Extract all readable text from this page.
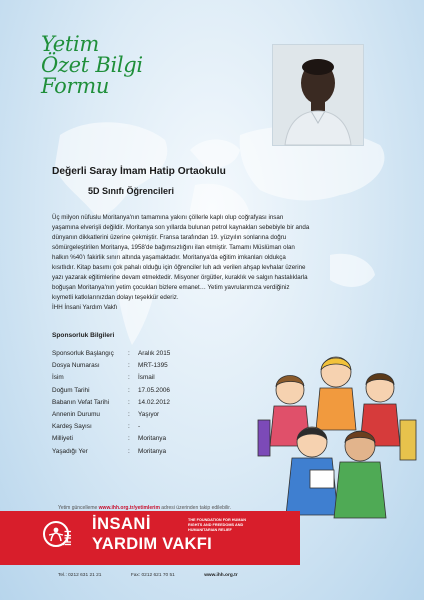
Yetim
Özet Bilgi
Formu
Değerli Saray İmam Hatip Ortaokulu
5D Sınıfı Öğrencileri
Üç milyon nüfuslu Moritanya'nın tamamına yakını çöllerle kaplı olup coğrafyası insan
yaşamına elverişli değildir. Moritanya son yıllarda bulunan petrol kaynakları sebebiyle bir anda
dünyanın dikkatlerini üzerine çekmiştir. Fransa tarafından 19. yüzyılın sonlarına doğru
sömürgeleştirilen Moritanya, 1958'de bağımsızlığını ilan etmiştir. Tamamı Müslüman olan
halkın %40'ı fakirlik sınırı altında yaşamaktadır. Moritanya'da eğitim imkanları oldukça
kısıtlıdır. Kitap basımı çok pahalı olduğu için öğrenciler luh adı verilen ahşap levhalar üzerine
yazı yazarak eğitimlerine devam etmektedir. Misyoner örgütler, kuraklık ve salgın hastalıklarla
boğuşan Moritanya'nın yetim çocukları bizlere emanet… Yetim yavrularımıza verdiğiniz
kıymetli katkılarınızdan dolayı teşekkür ederiz.
İHH İnsani Yardım Vakfı
Sponsorluk Bilgileri
Sponsorluk Başlangıç : Aralık 2015
Dosya Numarası	: MRT-1395
İsim	: İsmail
Doğum Tarihi	: 17.05.2006
Babanın Vefat Tarihi	: 14.02.2012
Annenin Durumu	: Yaşıyor
Kardeş Sayısı	: -
Milliyeti	: Moritanya
Yaşadığı Yer	: Moritanya
Yetim güncelleme www.ihh.org.tr/yetimlerim adresi üzerinden takip edilebilir.
İHH
İNSANİ
YARDIM VAKFI
THE FOUNDATION FOR HUMAN RIGHTS AND FREEDOMS AND HUMANITARIAN RELIEF
Tel.: 0212 631 21 21	Fax: 0212 621 70 51	www.ihh.org.tr
